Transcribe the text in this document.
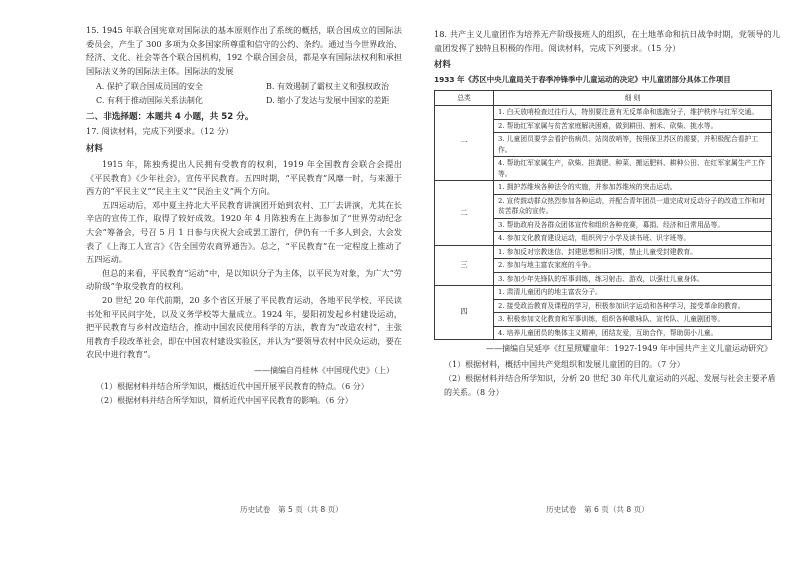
15. 1945 年联合国宪章对国际法的基本原则作出了系统的概括，联合国成立的国际法委员会，产生了 300 多项为众多国家所尊重和信守的公约、条约。通过当今世界政治、经济、文化、社会等各个联合国机构，192 个联合国会员，都是享有国际法权利和承担国际法义务的国际法主体。国际法的发展

A. 保护了联合国成员国的安全	B. 有效遏制了霸权主义和强权政治
C. 有利于推动国际关系法制化	D. 缩小了发达与发展中国家的差距
二、非选择题：本题共 4 小题，共 52 分。

17. 阅读材料，完成下列要求。（12 分）

材料

1915 年，陈独秀提出人民拥有受教育的权利，1919 年全国教育会联合会提出《平民教育》《少年社会》，宣传平民教育。五四时期，“平民教育”风靡一时，与来源于西方的“平民主义”“民主主义”“民治主义”两个方向。

五四运动后，邓中夏主持北大平民教育讲演团开始到农村、工厂去讲演，尤其在长辛店的宣传工作，取得了较好成效。1920 年 4 月陈独秀在上海参加了“世界劳动纪念大会”筹备会，号召 5 月 1 日参与庆祝大会或罢工游行，伊仍有一千多人到会，大会发表了《上海工人宣言》《告全国劳农商界通告》。总之，“平民教育”在一定程度上推动了五四运动。

但总的来看，平民教育“运动”中，是以知识分子为主体，以平民为对象，为广大“劳动阶级”争取受教育的权利。

20 世纪 20 年代前期，20 多个省区开展了平民教育运动，各地平民学校、平民读书处和平民问字处，以及义务学校等大量成立。1924 年，晏阳初发起乡村建设运动，把平民教育与乡村改造结合，推动中国农民使用科学的方法，教育为“改造农村”，主张用教育手段改革社会，即在中国农村建设实验区，并认为“要领导农村中民众运动，要在农民中进行教育”。

——摘编自肖桂林《中国现代史》（上）
（1）根据材料并结合所学知识，概括近代中国开展平民教育的特点。（6 分）
（2）根据材料并结合所学知识，简析近代中国平民教育的影响。（6 分）
历史试卷　第 5 页（共 8 页）

18. 共产主义儿童团作为培养无产阶级接班人的组织，在土地革命和抗日战争时期，党领导的儿童团发挥了独特且积极的作用。阅读材料，完成下列要求。（15 分）

材料
1933 年《苏区中央儿童局关于春季冲锋季中儿童运动的决定》中儿童团部分具体工作项目
总类	细 则
一	1. 白天放哨检查过往行人，特别要注意有无反革命和逃跑分子，维护秩序与红军交通。
	2. 帮助红军家属与贫苦家庭解决困难，做到耕田、割禾、砍柴、挑水等。
	3. 儿童团员要学会看护伤病员、站岗放哨等，按照保卫苏区的需要，并积极配合看护工作。
	4. 帮助红军家属生产，砍柴、担粪肥、种菜、搬运肥料、耕种公田、在红军家属生产工作等。
二	1. 拥护苏维埃各种法令的实施，并参加苏维埃的突击运动。
	2. 宣传鼓动群众热烈参加各种运动，并配合青年团员一道完成对反动分子的改造工作和对贫苦群众的宣传。
	3. 帮助政府及各群众团体宣传和组织各种竞赛，募捐、经济和日常用品等。
	4. 参加文化教育建设运动，组织列宁小学及读书班、识字班等。
三	1. 参加反对宗教迷信、封建思想和旧习惯，禁止儿童受封建教育。
	2. 参加与地主富农家庭的斗争。
	3. 参加少年先锋队的军事训练，练习射击、游戏，以强壮儿童身体。
四	1. 肃清儿童团内的地主富农分子。
	2. 接受政治教育及课程的学习，积极参加识字运动和各种学习，接受革命的教育。
	3. 积极参加文化教育和军事训练，组织各种歌咏队、宣传队、儿童剧团等。
	4. 培养儿童团员的集体主义精神，团结友爱，互助合作，帮助弱小儿童。
——摘编自吴延亭《红星照耀童年：1927-1949 年中国共产主义儿童运动研究》
（1）根据材料，概括中国共产党组织和发展儿童团的目的。（7 分）
（2）根据材料并结合所学知识，分析 20 世纪 30 年代儿童运动的兴起、发展与社会主要矛盾的关系。（8 分）
历史试卷　第 6 页（共 8 页）
